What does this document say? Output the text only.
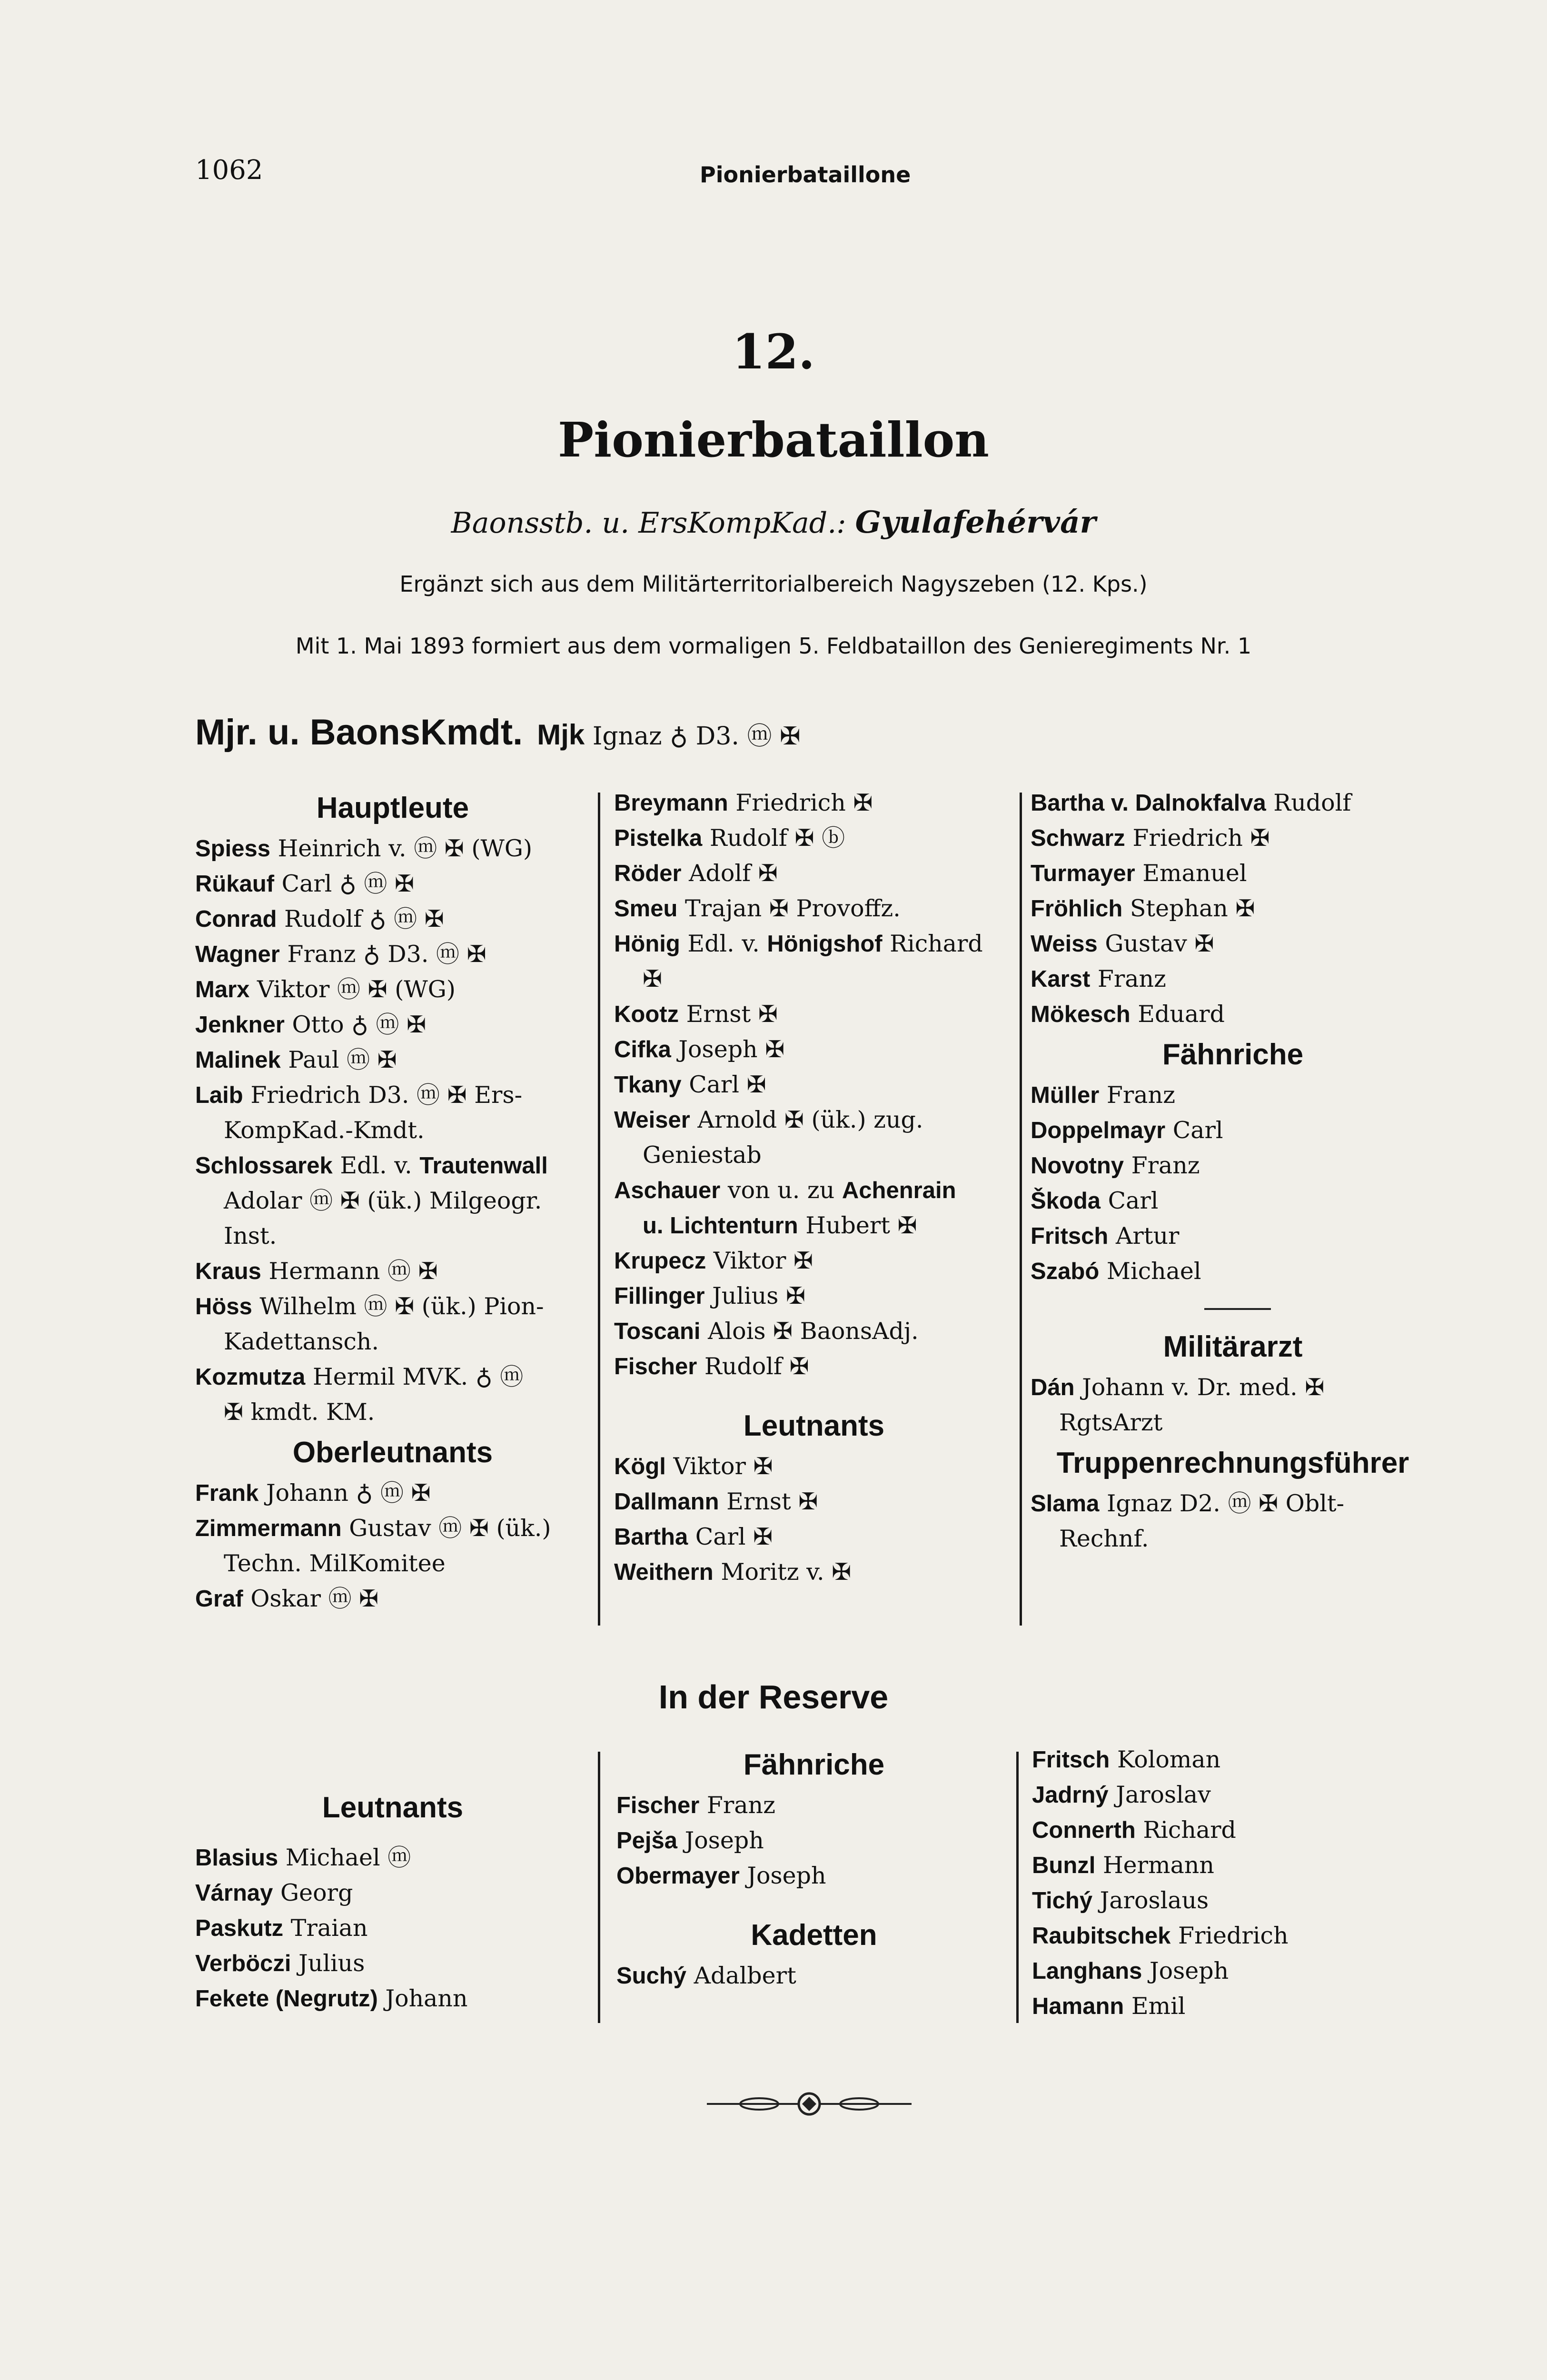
1062	Pionierbataillone
12.
Pionierbataillon
Baonsstb. u. ErsKompKad.: Gyulafehérvár
Ergänzt sich aus dem Militärterritorialbereich Nagyszeben (12. Kps.)
Mit 1. Mai 1893 formiert aus dem vormaligen 5. Feldbataillon des Genieregiments Nr. 1
Mjr. u. BaonsKmdt. Mjk Ignaz ♁ D3. ⓜ ✠
Hauptleute
Spiess Heinrich v. ⓜ ✠ (WG)
Rükauf Carl ♁ ⓜ ✠
Conrad Rudolf ♁ ⓜ ✠
Wagner Franz ♁ D3. ⓜ ✠
Marx Viktor ⓜ ✠ (WG)
Jenkner Otto ♁ ⓜ ✠
Malinek Paul ⓜ ✠
Laib Friedrich D3. ⓜ ✠ Ers-
KompKad.-Kmdt.
Schlossarek Edl. v. Trautenwall
Adolar ⓜ ✠ (ük.) Milgeogr.
Inst.
Kraus Hermann ⓜ ✠
Höss Wilhelm ⓜ ✠ (ük.) Pion-
Kadettansch.
Kozmutza Hermil MVK. ♁ ⓜ
✠ kmdt. KM.
Oberleutnants
Frank Johann ♁ ⓜ ✠
Zimmermann Gustav ⓜ ✠ (ük.)
Techn. MilKomitee
Graf Oskar ⓜ ✠
Breymann Friedrich ✠
Pistelka Rudolf ✠ ⓑ
Röder Adolf ✠
Smeu Trajan ✠ Provoffz.
Hönig Edl. v. Hönigshof Richard
✠
Kootz Ernst ✠
Cifka Joseph ✠
Tkany Carl ✠
Weiser Arnold ✠ (ük.) zug.
Geniestab
Aschauer von u. zu Achenrain
u. Lichtenturn Hubert ✠
Krupecz Viktor ✠
Fillinger Julius ✠
Toscani Alois ✠ BaonsAdj.
Fischer Rudolf ✠
Leutnants
Kögl Viktor ✠
Dallmann Ernst ✠
Bartha Carl ✠
Weithern Moritz v. ✠
Bartha v. Dalnokfalva Rudolf
Schwarz Friedrich ✠
Turmayer Emanuel
Fröhlich Stephan ✠
Weiss Gustav ✠
Karst Franz
Mökesch Eduard
Fähnriche
Müller Franz
Doppelmayr Carl
Novotny Franz
Škoda Carl
Fritsch Artur
Szabó Michael
Militärarzt
Dán Johann v. Dr. med. ✠
RgtsArzt
Truppenrechnungsführer
Slama Ignaz D2. ⓜ ✠ Oblt-
Rechnf.
In der Reserve
Leutnants
Blasius Michael ⓜ
Várnay Georg
Paskutz Traian
Verböczi Julius
Fekete (Negrutz) Johann
Fähnriche
Fischer Franz
Pejša Joseph
Obermayer Joseph
Kadetten
Suchý Adalbert
Fritsch Koloman
Jadrný Jaroslav
Connerth Richard
Bunzl Hermann
Tichý Jaroslaus
Raubitschek Friedrich
Langhans Joseph
Hamann Emil
